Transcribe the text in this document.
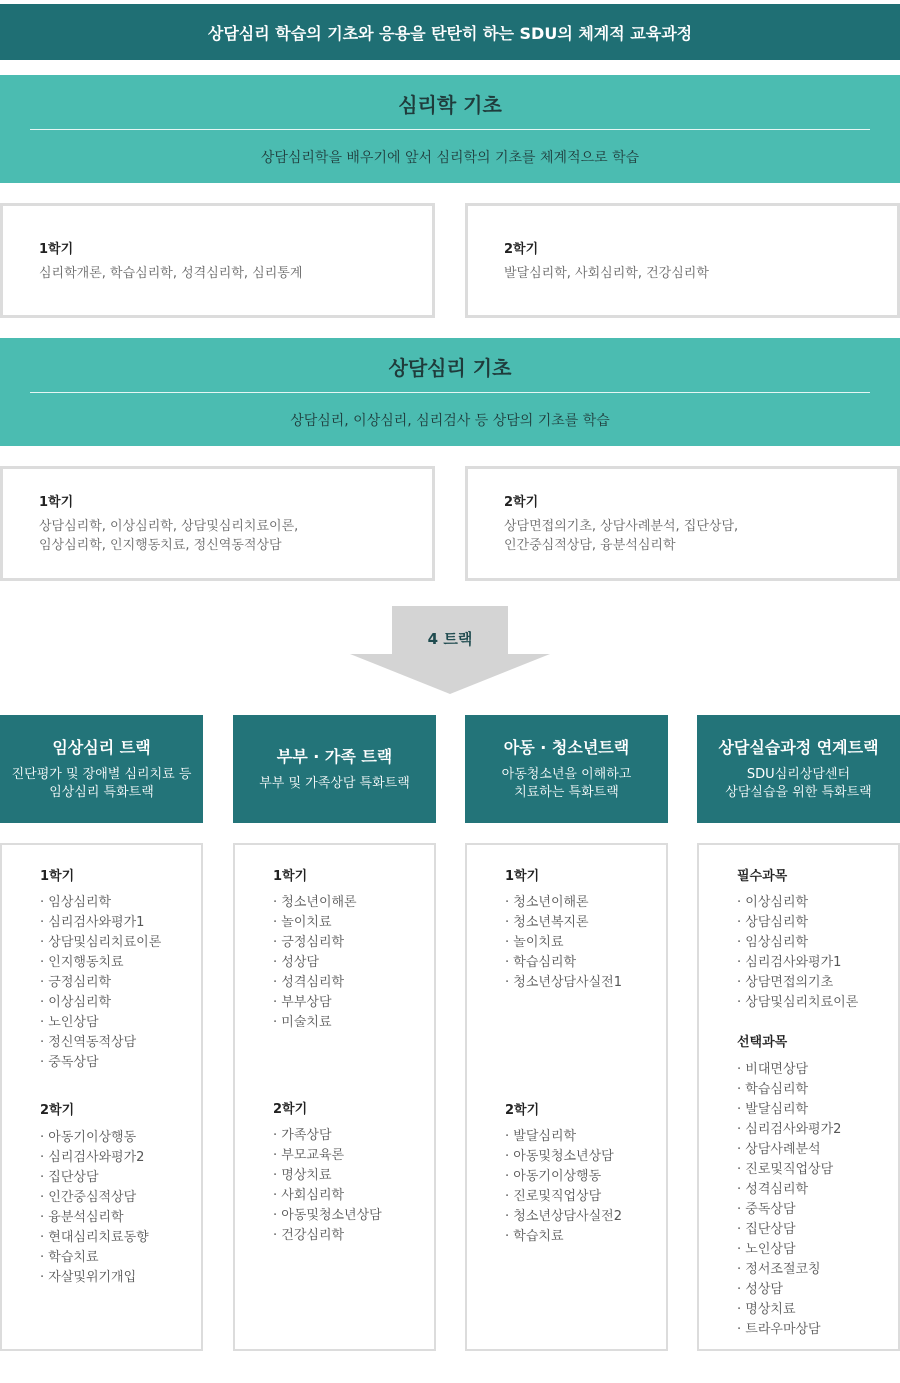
상담심리 학습의 기초와 응용을 탄탄히 하는 SDU의 체계적 교육과정
심리학 기초
상담심리학을 배우기에 앞서 심리학의 기초를 체계적으로 학습
1학기
심리학개론, 학습심리학, 성격심리학, 심리통계
2학기
발달심리학, 사회심리학, 건강심리학
상담심리 기초
상담심리, 이상심리, 심리검사 등 상담의 기초를 학습
1학기
상담심리학, 이상심리학, 상담및심리치료이론,
임상심리학, 인지행동치료, 정신역동적상담
2학기
상담면접의기초, 상담사례분석, 집단상담,
인간중심적상담, 융분석심리학
4 트랙
임상심리 트랙
진단평가 및 장애별 심리치료 등
임상심리 특화트랙
부부 · 가족 트랙
부부 및 가족상담 특화트랙
아동 · 청소년트랙
아동청소년을 이해하고
치료하는 특화트랙
상담실습과정 연계트랙
SDU심리상담센터
상담실습을 위한 특화트랙
1학기
· 임상심리학
· 심리검사와평가1
· 상담및심리치료이론
· 인지행동치료
· 긍정심리학
· 이상심리학
· 노인상담
· 정신역동적상담
· 중독상담
2학기
· 아동기이상행동
· 심리검사와평가2
· 집단상담
· 인간중심적상담
· 융분석심리학
· 현대심리치료동향
· 학습치료
· 자살및위기개입
1학기
· 청소년이해론
· 놀이치료
· 긍정심리학
· 성상담
· 성격심리학
· 부부상담
· 미술치료
2학기
· 가족상담
· 부모교육론
· 명상치료
· 사회심리학
· 아동및청소년상담
· 건강심리학
1학기
· 청소년이해론
· 청소년복지론
· 놀이치료
· 학습심리학
· 청소년상담사실전1
2학기
· 발달심리학
· 아동및청소년상담
· 아동기이상행동
· 진로및직업상담
· 청소년상담사실전2
· 학습치료
필수과목
· 이상심리학
· 상담심리학
· 임상심리학
· 심리검사와평가1
· 상담면접의기초
· 상담및심리치료이론
선택과목
· 비대면상담
· 학습심리학
· 발달심리학
· 심리검사와평가2
· 상담사례분석
· 진로및직업상담
· 성격심리학
· 중독상담
· 집단상담
· 노인상담
· 정서조절코칭
· 성상담
· 명상치료
· 트라우마상담
